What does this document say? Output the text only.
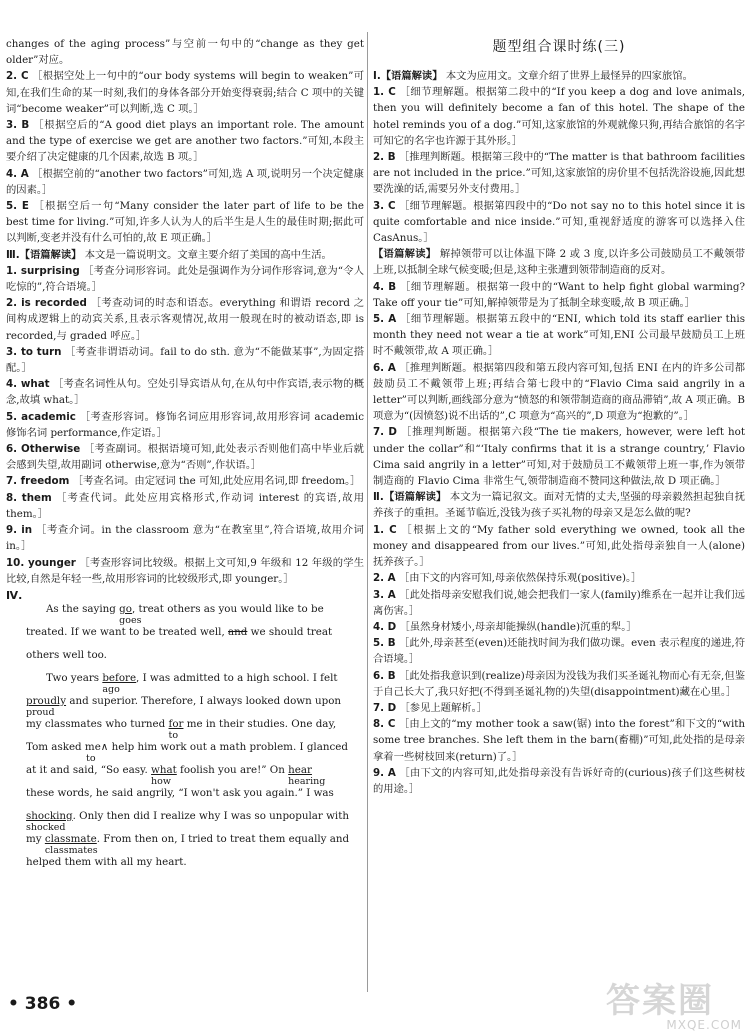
changes of the aging process”与空前一句中的“change as they get older”对应。

2. C ［根据空处上一句中的“our body systems will begin to weaken”可知,在我们生命的某一时刻,我们的身体各部分开始变得衰弱;结合 C 项中的关键词“become weaker”可以判断,选 C 项。］

3. B ［根据空后的“A good diet plays an important role. The amount and the type of exercise we get are another two factors.”可知,本段主要介绍了决定健康的几个因素,故选 B 项。］

4. A ［根据空前的“another two factors”可知,选 A 项,说明另一个决定健康的因素。］

5. E ［根据空后一句“Many consider the later part of life to be the best time for living.”可知,许多人认为人的后半生是人生的最佳时期;据此可以判断,变老并没有什么可怕的,故 E 项正确。］

Ⅲ.【语篇解读】 本文是一篇说明文。文章主要介绍了美国的高中生活。

1. surprising ［考查分词形容词。此处是强调作为分词作形容词,意为“令人吃惊的”,符合语境。］

2. is recorded ［考查动词的时态和语态。everything 和谓语 record 之间构成逻辑上的动宾关系,且表示客观情况,故用一般现在时的被动语态,即 is recorded,与 graded 呼应。］

3. to turn ［考查非谓语动词。fail to do sth. 意为“不能做某事”,为固定搭配。］

4. what ［考查名词性从句。空处引导宾语从句,在从句中作宾语,表示物的概念,故填 what。］

5. academic ［考查形容词。修饰名词应用形容词,故用形容词 academic 修饰名词 performance,作定语。］

6. Otherwise ［考查副词。根据语境可知,此处表示否则他们高中毕业后就会感到失望,故用副词 otherwise,意为“否则”,作状语。］

7. freedom ［考查名词。由定冠词 the 可知,此处应用名词,即 freedom。］

8. them ［考查代词。此处应用宾格形式,作动词 interest 的宾语,故用 them。］

9. in ［考查介词。in the classroom 意为“在教室里”,符合语境,故用介词 in。］

10. younger ［考查形容词比较级。根据上文可知,9 年级和 12 年级的学生比较,自然是年轻一些,故用形容词的比较级形式,即 younger。］

Ⅳ.
As the saying go
goes
, treat others as you would like to be
treated. If we want to be treated well, and we should treat
others well too.
Two years before
ago
, I was admitted to a high school. I felt
proudly
proud
and superior. Therefore, I always looked down upon
my classmates who turned for
to
me in their studies. One day,
Tom asked me∧ help him work out a math problem. I glanced
to
at it and said, “So easy. what
how
foolish you are!” On hear
hearing
these words, he said angrily, “I won't ask you again.” I was
shocking
shocked
. Only then did I realize why I was so unpopular with
my classmate
classmates
. From then on, I tried to treat them equally and
helped them with all my heart.
题型组合课时练(三)

Ⅰ.【语篇解读】 本文为应用文。文章介绍了世界上最怪异的四家旅馆。

1. C ［细节理解题。根据第二段中的“If you keep a dog and love animals, then you will definitely become a fan of this hotel. The shape of the hotel reminds you of a dog.”可知,这家旅馆的外观就像只狗,再结合旅馆的名字可知它的名字也许源于其外形。］

2. B ［推理判断题。根据第三段中的“The matter is that bathroom facilities are not included in the price.”可知,这家旅馆的房价里不包括洗浴设施,因此想要洗澡的话,需要另外支付费用。］

3. C ［细节理解题。根据第四段中的“Do not say no to this hotel since it is quite comfortable and nice inside.”可知,重视舒适度的游客可以选择入住 CasAnus。］

【语篇解读】 解掉领带可以让体温下降 2 或 3 度,以许多公司鼓励员工不戴领带上班,以抵制全球气候变暖;但是,这种主张遭到领带制造商的反对。

4. B ［细节理解题。根据第一段中的“Want to help fight global warming? Take off your tie”可知,解掉领带是为了抵制全球变暖,故 B 项正确。］

5. A ［细节理解题。根据第五段中的“ENI, which told its staff earlier this month they need not wear a tie at work”可知,ENI 公司最早鼓励员工上班时不戴领带,故 A 项正确。］

6. A ［推理判断题。根据第四段和第五段内容可知,包括 ENI 在内的许多公司都鼓励员工不戴领带上班;再结合第七段中的“Flavio Cima said angrily in a letter”可以判断,画线部分意为“愤怒的和领带制造商的商品滞销”,故 A 项正确。B 项意为“(因愤怒)说不出话的”,C 项意为“高兴的”,D 项意为“抱歉的”。］

7. D ［推理判断题。根据第六段“The tie makers, however, were left hot under the collar”和“‘Italy confirms that it is a strange country,’ Flavio Cima said angrily in a letter”可知,对于鼓励员工不戴领带上班一事,作为领带制造商的 Flavio Cima 非常生气,领带制造商不赞同这种做法,故 D 项正确。］

Ⅱ.【语篇解读】 本文为一篇记叙文。面对无情的丈夫,坚强的母亲毅然担起独自抚养孩子的重担。圣诞节临近,没钱为孩子买礼物的母亲又是怎么做的呢?

1. C ［根据上文的“My father sold everything we owned, took all the money and disappeared from our lives.”可知,此处指母亲独自一人(alone)抚养孩子。］

2. A ［由下文的内容可知,母亲依然保持乐观(positive)。］

3. A ［此处指母亲安慰我们说,她会把我们一家人(family)维系在一起并让我们远离伤害。］

4. D ［虽然身材矮小,母亲却能操纵(handle)沉重的犁。］

5. B ［此外,母亲甚至(even)还能找时间为我们做功课。even 表示程度的递进,符合语境。］

6. B ［此处指我意识到(realize)母亲因为没钱为我们买圣诞礼物而心有无奈,但鉴于自己长大了,我只好把(不得到圣诞礼物的)失望(disappointment)藏在心里。］

7. D ［参见上题解析。］

8. C ［由上文的“my mother took a saw(锯) into the forest”和下文的“with some tree branches. She left them in the barn(畜棚)”可知,此处指的是母亲拿着一些树枝回来(return)了。］

9. A ［由下文的内容可知,此处指母亲没有告诉好奇的(curious)孩子们这些树枝的用途。］

• 386 •	答案圈
MXQE.COM
